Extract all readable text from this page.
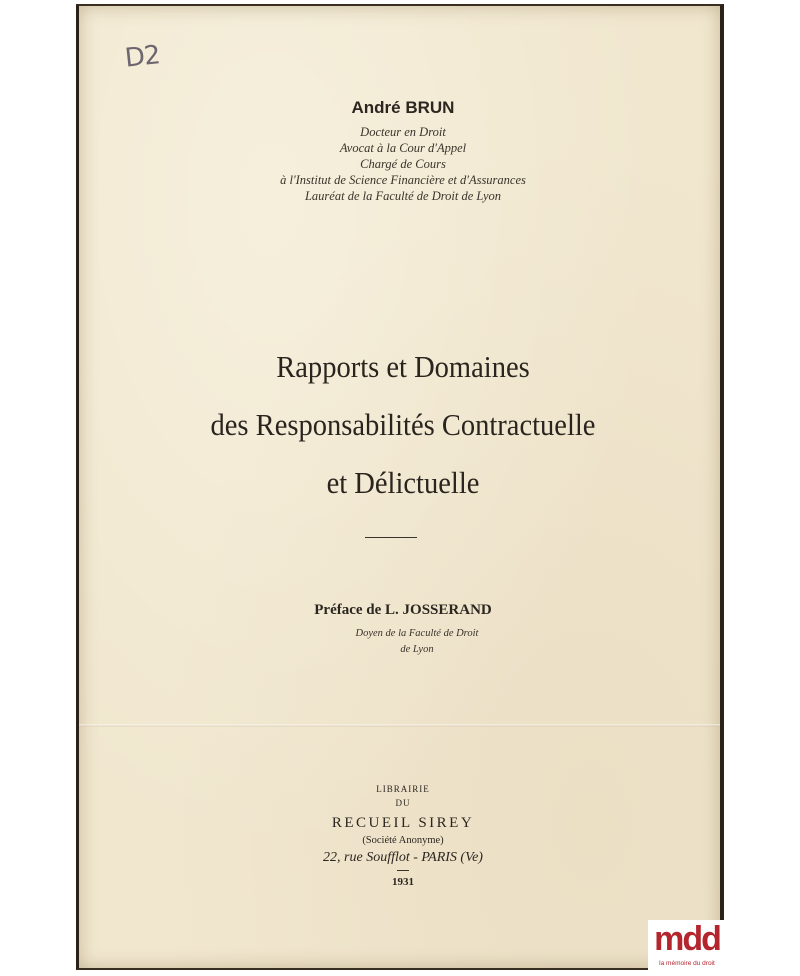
D2
André BRUN
Docteur en Droit
Avocat à la Cour d'Appel
Chargé de Cours
à l'Institut de Science Financière et d'Assurances
Lauréat de la Faculté de Droit de Lyon
Rapports et Domaines
des Responsabilités Contractuelle
et Délictuelle
Préface de L. JOSSERAND
Doyen de la Faculté de Droit
de Lyon
LIBRAIRIE
DU
RECUEIL SIREY
(Société Anonyme)
22, rue Soufflot - PARIS (Ve)
1931
mdd
la mémoire du droit
